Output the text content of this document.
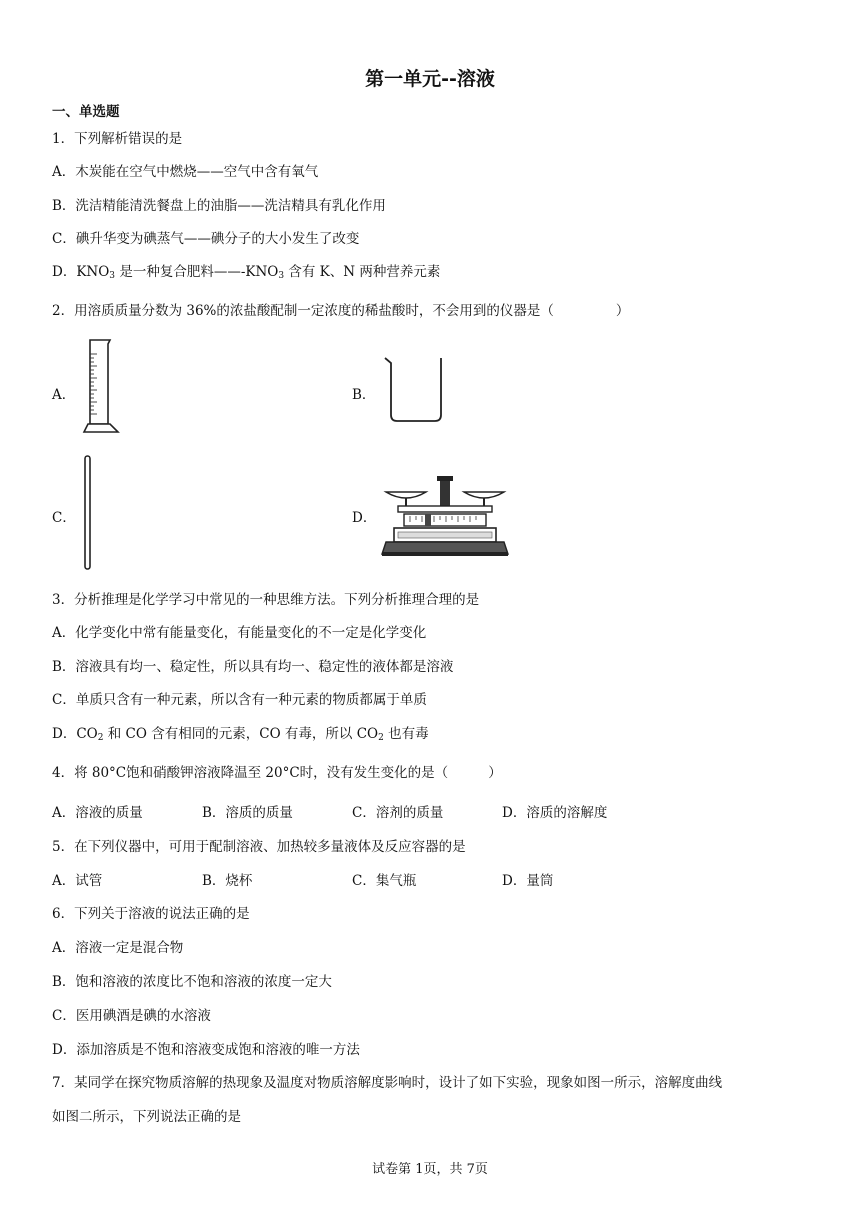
第一单元--溶液
一、单选题
1．下列解析错误的是
A．木炭能在空气中燃烧——空气中含有氧气
B．洗洁精能清洗餐盘上的油脂——洗洁精具有乳化作用
C．碘升华变为碘蒸气——碘分子的大小发生了改变
D．$KNO_3$ 是一种复合肥料$——-KNO_3$ 含有 K、N 两种营养元素
2．用溶质质量分数为 36%的浓盐酸配制一定浓度的稀盐酸时，不会用到的仪器是（	）
A．	B．
C．	D．
3．分析推理是化学学习中常见的一种思维方法。下列分析推理合理的是
A．化学变化中常有能量变化，有能量变化的不一定是化学变化
B．溶液具有均一、稳定性，所以具有均一、稳定性的液体都是溶液
C．单质只含有一种元素，所以含有一种元素的物质都属于单质
D．$CO_2$ 和 CO 含有相同的元素，CO 有毒，所以 $CO_2$ 也有毒
4．将 80°C饱和硝酸钾溶液降温至 20°C时，没有发生变化的是（	）
A．溶液的质量	B．溶质的质量	C．溶剂的质量	D．溶质的溶解度
5．在下列仪器中，可用于配制溶液、加热较多量液体及反应容器的是
A．试管	B．烧杯	C．集气瓶	D．量筒
6．下列关于溶液的说法正确的是
A．溶液一定是混合物
B．饱和溶液的浓度比不饱和溶液的浓度一定大
C．医用碘酒是碘的水溶液
D．添加溶质是不饱和溶液变成饱和溶液的唯一方法
7．某同学在探究物质溶解的热现象及温度对物质溶解度影响时，设计了如下实验，现象如图一所示，溶解度曲线
如图二所示，下列说法正确的是
试卷第 1页，共 7页
